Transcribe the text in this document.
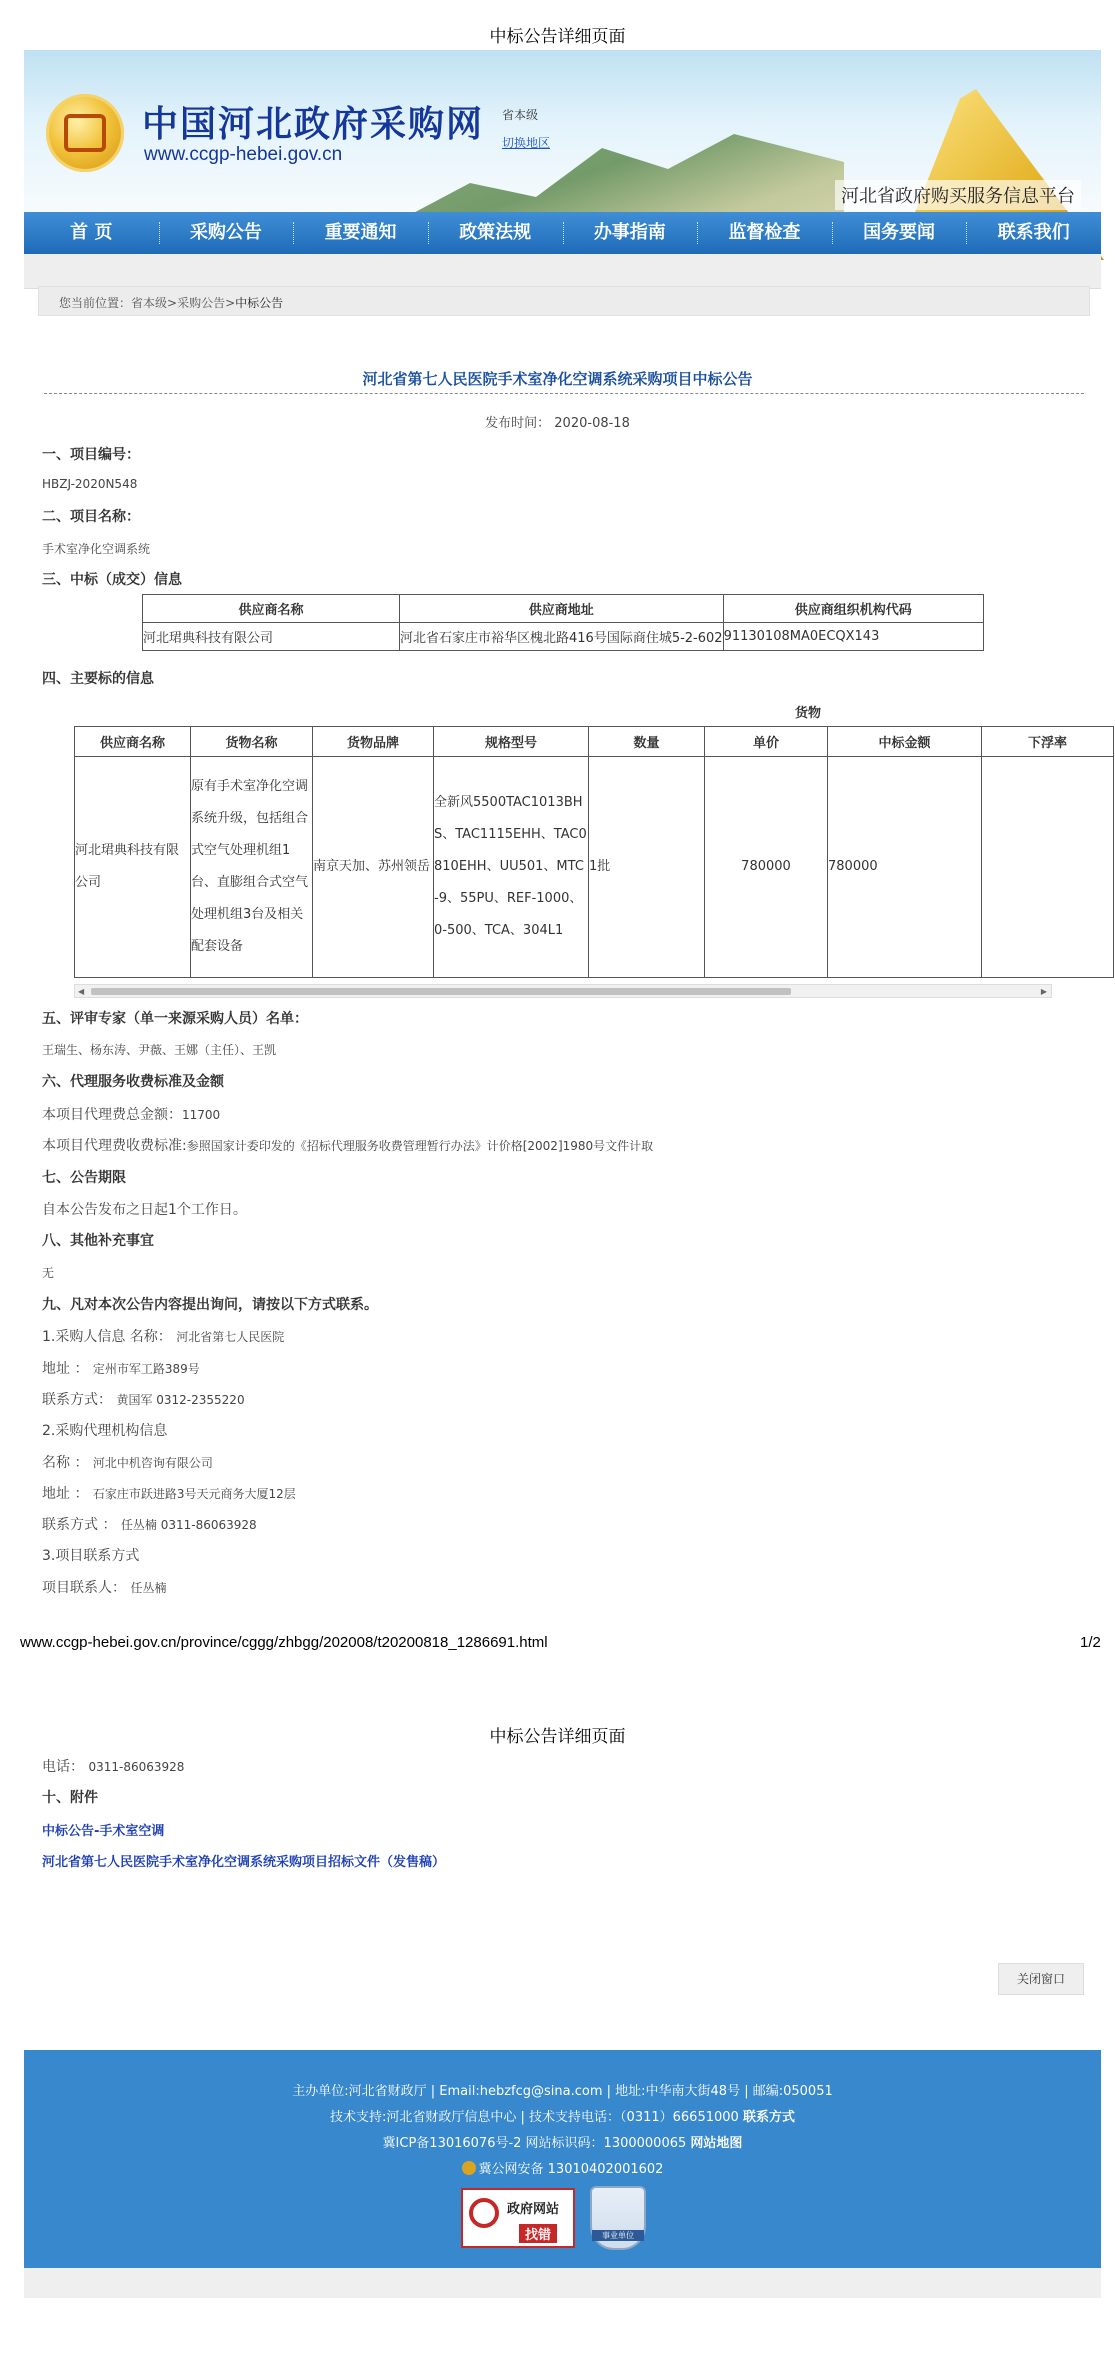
中标公告详细页面
中国河北政府采购网
www.ccgp-hebei.gov.cn
省本级
切换地区
河北省政府购买服务信息平台
首 页	采购公告	重要通知	政策法规	办事指南	监督检查	国务要闻	联系我们
您当前位置：省本级>采购公告>中标公告
河北省第七人民医院手术室净化空调系统采购项目中标公告
发布时间： 2020-08-18
一、项目编号：
HBZJ-2020N548
二、项目名称：
手术室净化空调系统
三、中标（成交）信息
供应商名称	供应商地址	供应商组织机构代码
河北珺典科技有限公司	河北省石家庄市裕华区槐北路416号国际商住城5-2-602	91130108MA0ECQX143
四、主要标的信息
货物
供应商名称	货物名称	货物品牌	规格型号	数量	单价	中标金额	下浮率
河北珺典科技有限公司	原有手术室净化空调系统升级，包括组合式空气处理机组1台、直膨组合式空气处理机组3台及相关配套设备	南京天加、苏州领岳	全新风5500TAC1013BHS、TAC1115EHH、TAC0810EHH、UU501、MTC-9、55PU、REF-1000、0-500、TCA、304L1	1批	780000	780000	
◀	▶
五、评审专家（单一来源采购人员）名单：
王瑞生、杨东涛、尹薇、王娜（主任）、王凯
六、代理服务收费标准及金额
本项目代理费总金额：11700
本项目代理费收费标准:参照国家计委印发的《招标代理服务收费管理暂行办法》计价格[2002]1980号文件计取
七、公告期限
自本公告发布之日起1个工作日。
八、其他补充事宜
无
九、凡对本次公告内容提出询问，请按以下方式联系。
1.采购人信息 名称： 河北省第七人民医院
地址 ： 定州市军工路389号
联系方式： 黄国军 0312-2355220
2.采购代理机构信息
名称 ： 河北中机咨询有限公司
地址 ： 石家庄市跃进路3号天元商务大厦12层
联系方式 ： 任丛楠 0311-86063928
3.项目联系方式
项目联系人： 任丛楠
www.ccgp-hebei.gov.cn/province/cggg/zhbgg/202008/t20200818_1286691.html	1/2
中标公告详细页面
电话： 0311-86063928
十、附件
中标公告-手术室空调
河北省第七人民医院手术室净化空调系统采购项目招标文件（发售稿）
关闭窗口
主办单位:河北省财政厅 | Email:hebzfcg@sina.com | 地址:中华南大街48号 | 邮编:050051
技术支持:河北省财政厅信息中心 | 技术支持电话：（0311）66651000 联系方式
冀ICP备13016076号-2 网站标识码：1300000065 网站地图
冀公网安备 13010402001602
政府网站
找错	事业单位
